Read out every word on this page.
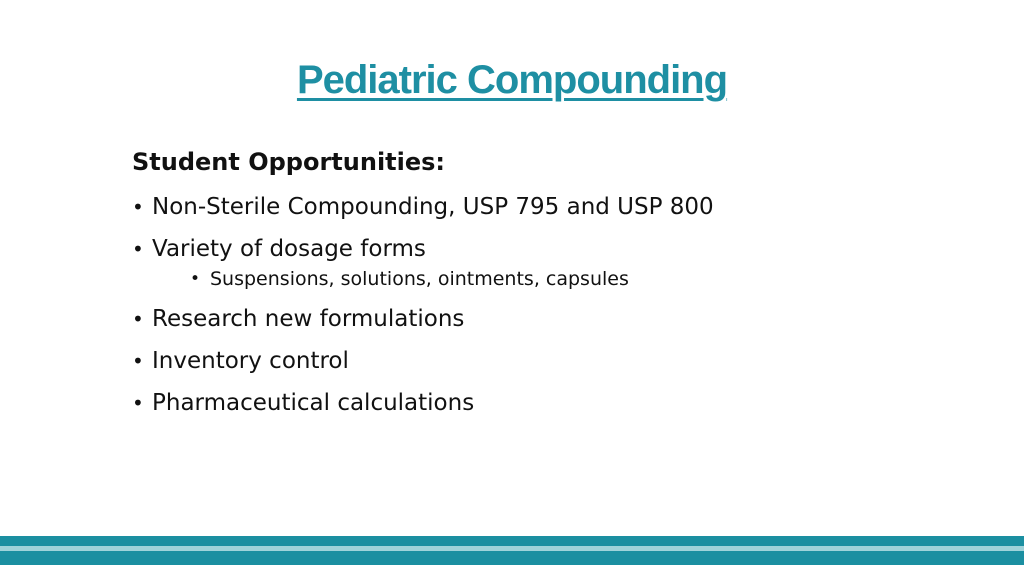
Pediatric Compounding
Student Opportunities:
• Non-Sterile Compounding, USP 795 and USP 800
• Variety of dosage forms
• Suspensions, solutions, ointments, capsules
• Research new formulations
• Inventory control
• Pharmaceutical calculations
